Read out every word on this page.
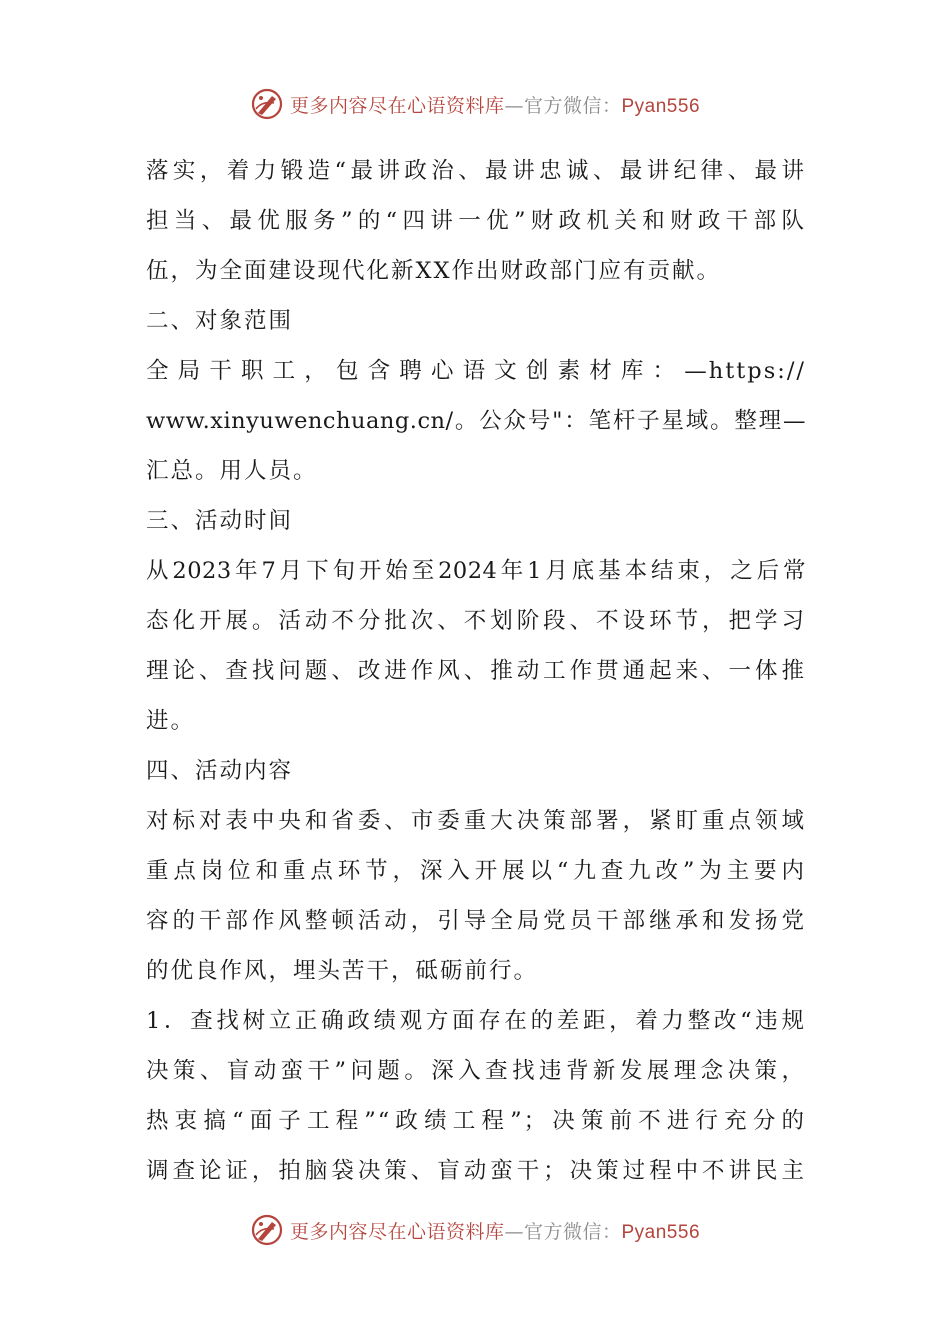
更多内容尽在心语资料库—官方微信：Pyan556
落实，着力锻造“最讲政治、最讲忠诚、最讲纪律、最讲
担当、最优服务”的“四讲一优”财政机关和财政干部队
伍，为全面建设现代化新XX作出财政部门应有贡献。
二、对象范围
全局干职工，包含聘心语文创素材库：—https://
www.xinyuwenchuang.cn/。公众号"：笔杆子星域。整理—
汇总。用人员。
三、活动时间
从2023年7月下旬开始至2024年1月底基本结束，之后常
态化开展。活动不分批次、不划阶段、不设环节，把学习
理论、查找问题、改进作风、推动工作贯通起来、一体推
进。
四、活动内容
对标对表中央和省委、市委重大决策部署，紧盯重点领域
重点岗位和重点环节，深入开展以“九查九改”为主要内
容的干部作风整顿活动，引导全局党员干部继承和发扬党
的优良作风，埋头苦干，砥砺前行。
1．查找树立正确政绩观方面存在的差距，着力整改“违规
决策、盲动蛮干”问题。深入查找违背新发展理念决策，
热衷搞“面子工程”“政绩工程”；决策前不进行充分的
调查论证，拍脑袋决策、盲动蛮干；决策过程中不讲民主
更多内容尽在心语资料库—官方微信：Pyan556
